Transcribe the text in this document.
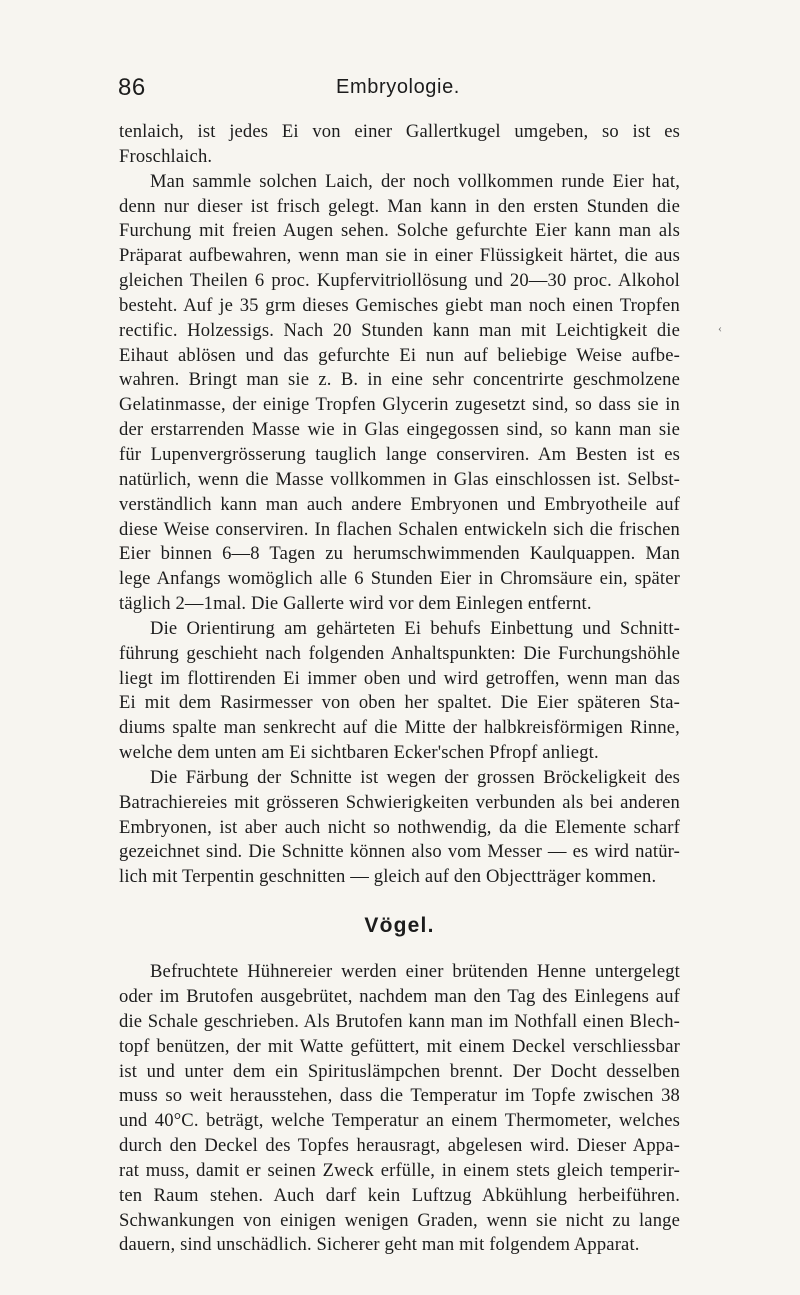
86	Embryologie.
‹
tenlaich, ist jedes Ei von einer Gallertkugel umgeben, so ist es
Froschlaich.
Man sammle solchen Laich, der noch vollkommen runde Eier hat,
denn nur dieser ist frisch gelegt. Man kann in den ersten Stunden die
Furchung mit freien Augen sehen. Solche gefurchte Eier kann man als
Präparat aufbewahren, wenn man sie in einer Flüssigkeit härtet, die aus
gleichen Theilen 6 proc. Kupfervitriollösung und 20—30 proc. Alkohol
besteht. Auf je 35 grm dieses Gemisches giebt man noch einen Tropfen
rectific. Holzessigs. Nach 20 Stunden kann man mit Leichtigkeit die
Eihaut ablösen und das gefurchte Ei nun auf beliebige Weise aufbe-
wahren. Bringt man sie z. B. in eine sehr concentrirte geschmolzene
Gelatinmasse, der einige Tropfen Glycerin zugesetzt sind, so dass sie in
der erstarrenden Masse wie in Glas eingegossen sind, so kann man sie
für Lupenvergrösserung tauglich lange conserviren. Am Besten ist es
natürlich, wenn die Masse vollkommen in Glas einschlossen ist. Selbst-
verständlich kann man auch andere Embryonen und Embryotheile auf
diese Weise conserviren. In flachen Schalen entwickeln sich die frischen
Eier binnen 6—8 Tagen zu herumschwimmenden Kaulquappen. Man
lege Anfangs womöglich alle 6 Stunden Eier in Chromsäure ein, später
täglich 2—1mal. Die Gallerte wird vor dem Einlegen entfernt.
Die Orientirung am gehärteten Ei behufs Einbettung und Schnitt-
führung geschieht nach folgenden Anhaltspunkten: Die Furchungshöhle
liegt im flottirenden Ei immer oben und wird getroffen, wenn man das
Ei mit dem Rasirmesser von oben her spaltet. Die Eier späteren Sta-
diums spalte man senkrecht auf die Mitte der halbkreisförmigen Rinne,
welche dem unten am Ei sichtbaren Ecker'schen Pfropf anliegt.
Die Färbung der Schnitte ist wegen der grossen Bröckeligkeit des
Batrachiereies mit grösseren Schwierigkeiten verbunden als bei anderen
Embryonen, ist aber auch nicht so nothwendig, da die Elemente scharf
gezeichnet sind. Die Schnitte können also vom Messer — es wird natür-
lich mit Terpentin geschnitten — gleich auf den Objectträger kommen.
Vögel.
Befruchtete Hühnereier werden einer brütenden Henne untergelegt
oder im Brutofen ausgebrütet, nachdem man den Tag des Einlegens auf
die Schale geschrieben. Als Brutofen kann man im Nothfall einen Blech-
topf benützen, der mit Watte gefüttert, mit einem Deckel verschliessbar
ist und unter dem ein Spirituslämpchen brennt. Der Docht desselben
muss so weit herausstehen, dass die Temperatur im Topfe zwischen 38
und 40°C. beträgt, welche Temperatur an einem Thermometer, welches
durch den Deckel des Topfes herausragt, abgelesen wird. Dieser Appa-
rat muss, damit er seinen Zweck erfülle, in einem stets gleich temperir-
ten Raum stehen. Auch darf kein Luftzug Abkühlung herbeiführen.
Schwankungen von einigen wenigen Graden, wenn sie nicht zu lange
dauern, sind unschädlich. Sicherer geht man mit folgendem Apparat.
